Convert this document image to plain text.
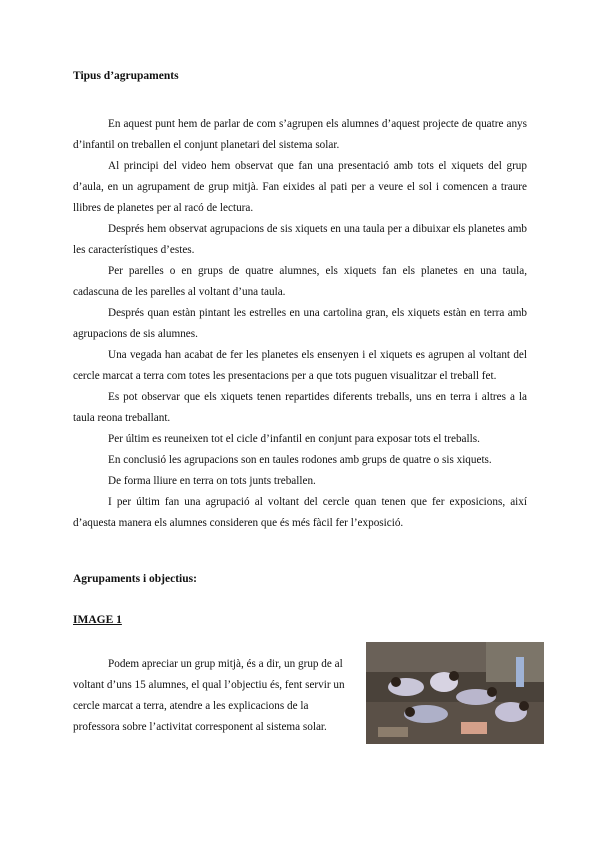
Tipus d’agrupaments

En aquest punt hem de parlar de com s’agrupen els alumnes d’aquest projecte de quatre anys d’infantil on treballen el conjunt planetari del sistema solar.

Al principi del video hem observat que fan una presentació amb tots el xiquets del grup d’aula, en un agrupament de grup mitjà. Fan eixides al pati per a veure el sol i comencen a traure llibres de planetes per al racó de lectura.

Després hem observat agrupacions de sis xiquets en una taula per a dibuixar els planetes amb les característiques d’estes.

Per parelles o en grups de quatre alumnes, els xiquets fan els planetes en una taula, cadascuna de les parelles al voltant d’una taula.

Després quan estàn pintant les estrelles en una cartolina gran, els xiquets estàn en terra amb agrupacions de sis alumnes.

Una vegada han acabat de fer les planetes els ensenyen i el xiquets es agrupen al voltant del cercle marcat a terra com totes les presentacions per a que tots puguen visualitzar el treball fet.

Es pot observar que els xiquets tenen repartides diferents treballs, uns en terra i altres a la taula reona treballant.

Per últim es reuneixen tot el cicle d’infantil en conjunt para exposar tots el treballs.

En conclusió les agrupacions son en taules rodones amb grups de quatre o sis xiquets.

De forma lliure en terra on tots junts treballen.

I per últim fan una agrupació al voltant del cercle quan tenen que fer exposicions, així d’aquesta manera els alumnes consideren que és més fàcil fer l’exposició.

Agrupaments i objectius:
IMAGE 1

Podem apreciar un grup mitjà, és a dir, un grup de al voltant d’uns 15 alumnes, el qual l’objectiu és, fent servir un cercle marcat a terra, atendre a les explicacions de la professora sobre l’activitat corresponent al sistema solar.
